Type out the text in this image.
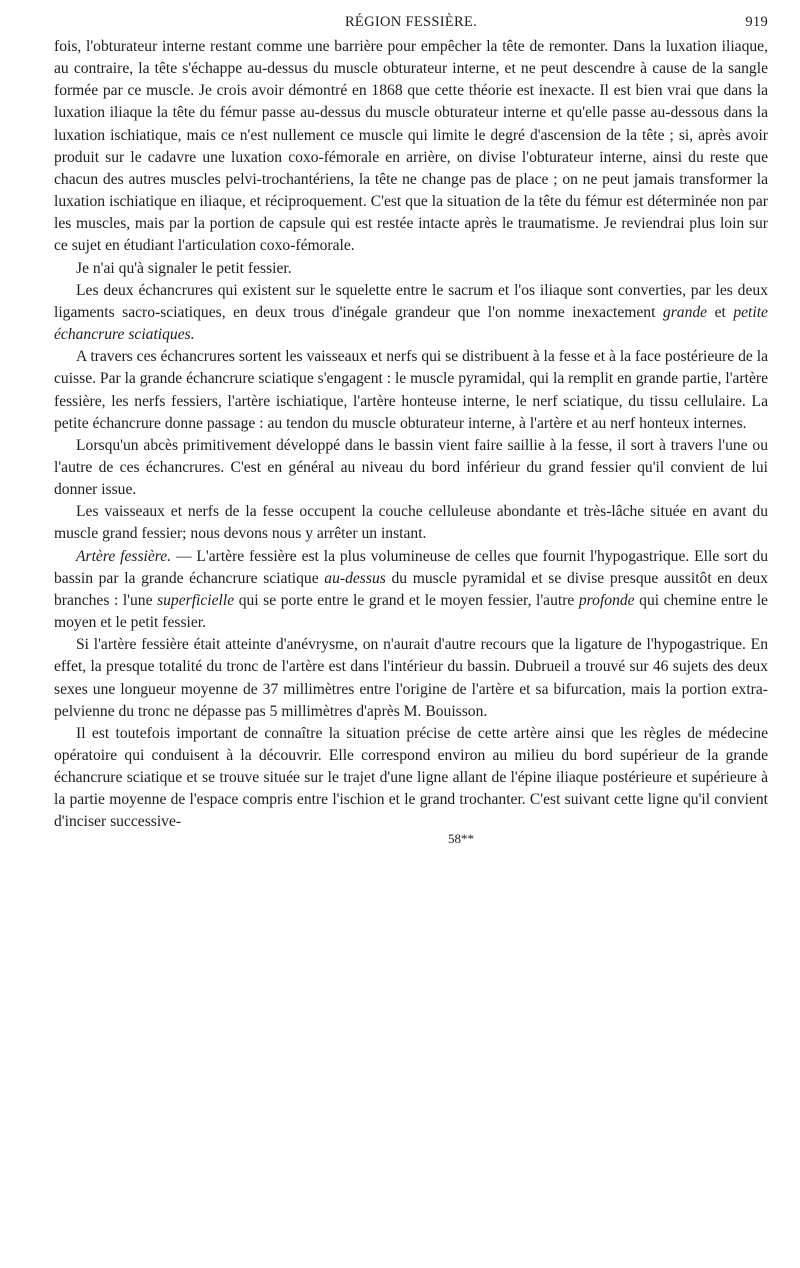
RÉGION FESSIÈRE.	919

fois, l'obturateur interne restant comme une barrière pour empêcher la tête de remonter. Dans la luxation iliaque, au contraire, la tête s'échappe au-dessus du muscle obturateur interne, et ne peut descendre à cause de la sangle formée par ce muscle. Je crois avoir démontré en 1868 que cette théorie est inexacte. Il est bien vrai que dans la luxation iliaque la tête du fémur passe au-dessus du muscle obturateur interne et qu'elle passe au-dessous dans la luxation ischiatique, mais ce n'est nullement ce muscle qui limite le degré d'ascension de la tête ; si, après avoir produit sur le cadavre une luxation coxo-fémorale en arrière, on divise l'obturateur interne, ainsi du reste que chacun des autres muscles pelvi-trochantériens, la tête ne change pas de place ; on ne peut jamais transformer la luxation ischiatique en iliaque, et réciproquement. C'est que la situation de la tête du fémur est déterminée non par les muscles, mais par la portion de capsule qui est restée intacte après le traumatisme. Je reviendrai plus loin sur ce sujet en étudiant l'articulation coxo-fémorale.

Je n'ai qu'à signaler le petit fessier.

Les deux échancrures qui existent sur le squelette entre le sacrum et l'os iliaque sont converties, par les deux ligaments sacro-sciatiques, en deux trous d'inégale grandeur que l'on nomme inexactement grande et petite échancrure sciatiques.

A travers ces échancrures sortent les vaisseaux et nerfs qui se distribuent à la fesse et à la face postérieure de la cuisse. Par la grande échancrure sciatique s'engagent : le muscle pyramidal, qui la remplit en grande partie, l'artère fessière, les nerfs fessiers, l'artère ischiatique, l'artère honteuse interne, le nerf sciatique, du tissu cellulaire. La petite échancrure donne passage : au tendon du muscle obturateur interne, à l'artère et au nerf honteux internes.

Lorsqu'un abcès primitivement développé dans le bassin vient faire saillie à la fesse, il sort à travers l'une ou l'autre de ces échancrures. C'est en général au niveau du bord inférieur du grand fessier qu'il convient de lui donner issue.

Les vaisseaux et nerfs de la fesse occupent la couche celluleuse abondante et très-lâche située en avant du muscle grand fessier; nous devons nous y arrêter un instant.

Artère fessière. — L'artère fessière est la plus volumineuse de celles que fournit l'hypogastrique. Elle sort du bassin par la grande échancrure sciatique au-dessus du muscle pyramidal et se divise presque aussitôt en deux branches : l'une superficielle qui se porte entre le grand et le moyen fessier, l'autre profonde qui chemine entre le moyen et le petit fessier.

Si l'artère fessière était atteinte d'anévrysme, on n'aurait d'autre recours que la ligature de l'hypogastrique. En effet, la presque totalité du tronc de l'artère est dans l'intérieur du bassin. Dubrueil a trouvé sur 46 sujets des deux sexes une longueur moyenne de 37 millimètres entre l'origine de l'artère et sa bifurcation, mais la portion extra-pelvienne du tronc ne dépasse pas 5 millimètres d'après M. Bouisson.

Il est toutefois important de connaître la situation précise de cette artère ainsi que les règles de médecine opératoire qui conduisent à la découvrir. Elle correspond environ au milieu du bord supérieur de la grande échancrure sciatique et se trouve située sur le trajet d'une ligne allant de l'épine iliaque postérieure et supérieure à la partie moyenne de l'espace compris entre l'ischion et le grand trochanter. C'est suivant cette ligne qu'il convient d'inciser successive-

58**
